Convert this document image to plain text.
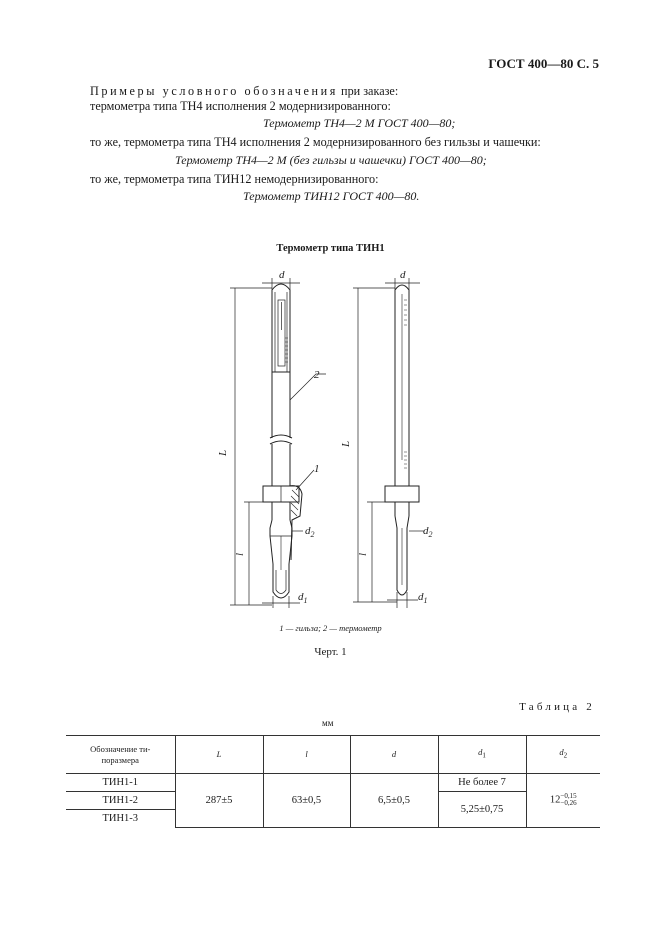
ГОСТ 400—80 С. 5
Примеры условного обозначения при заказе:
термометра типа ТН4 исполнения 2 модернизированного:
Термометр ТН4—2 М ГОСТ 400—80;
то же, термометра типа ТН4 исполнения 2 модернизированного без гильзы и чашечки:
Термометр ТН4—2 М (без гильзы и чашечки) ГОСТ 400—80;
то же, термометра типа ТИН12 немодернизированного:
Термометр ТИН12 ГОСТ 400—80.
Термометр типа ТИН1
d	d
L
L
l	l
$d_2$	$d_2$
$d_1$	$d_1$
2
1
1 — гильза; 2 — термометр
Черт. 1
Таблица 2
мм
Обозначение ти-поразмера	L	l	d	$d_1$	$d_2$
ТИН1-1	287±5	63±0,5	6,5±0,5	Не более 7	12−0,15
−0,26
ТИН1-2				5,25±0,75	
ТИН1-3					
